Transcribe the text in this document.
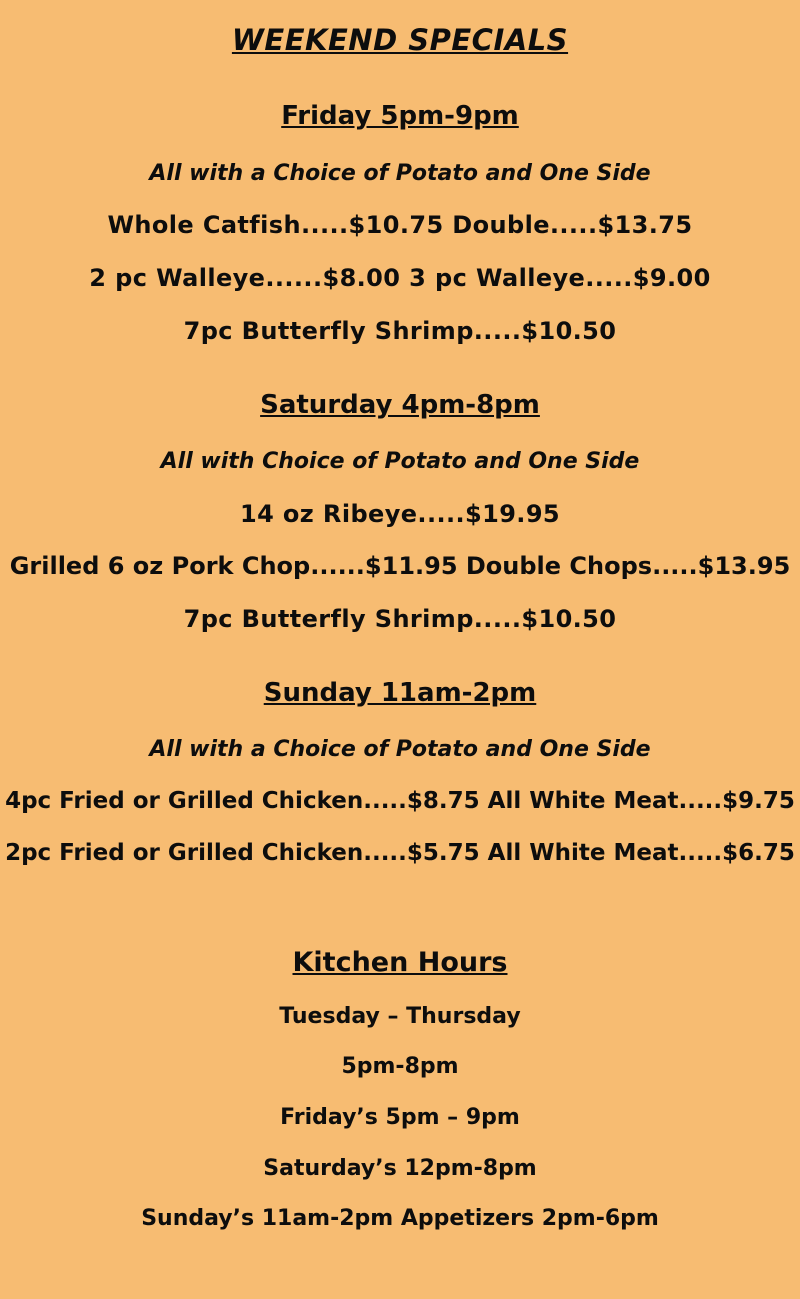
WEEKEND SPECIALS
Friday 5pm-9pm
All with a Choice of Potato and One Side
Whole Catfish.....$10.75 Double.....$13.75
2 pc Walleye......$8.00 3 pc Walleye.....$9.00
7pc Butterfly Shrimp.....$10.50
Saturday 4pm-8pm
All with Choice of Potato and One Side
14 oz Ribeye.....$19.95
Grilled 6 oz Pork Chop......$11.95 Double Chops.....$13.95
7pc Butterfly Shrimp.....$10.50
Sunday 11am-2pm
All with a Choice of Potato and One Side
4pc Fried or Grilled Chicken.....$8.75 All White Meat.....$9.75
2pc Fried or Grilled Chicken.....$5.75 All White Meat.....$6.75
Kitchen Hours
Tuesday – Thursday
5pm-8pm
Friday’s 5pm – 9pm
Saturday’s 12pm-8pm
Sunday’s 11am-2pm Appetizers 2pm-6pm
